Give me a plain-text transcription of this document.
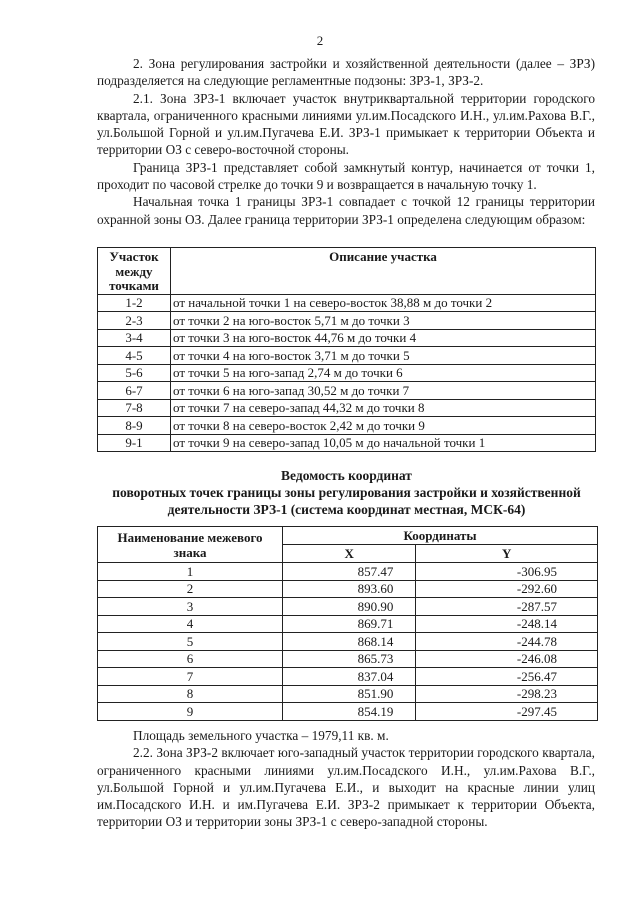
2

2. Зона регулирования застройки и хозяйственной деятельности (далее – ЗРЗ) подразделяется на следующие регламентные подзоны: ЗРЗ-1, ЗРЗ-2.

2.1. Зона ЗРЗ-1 включает участок внутриквартальной территории городского квартала, ограниченного красными линиями ул.им.Посадского И.Н., ул.им.Рахова В.Г., ул.Большой Горной и ул.им.Пугачева Е.И. ЗРЗ-1 примыкает к территории Объекта и территории ОЗ с северо-восточной стороны.

Граница ЗРЗ-1 представляет собой замкнутый контур, начинается от точки 1, проходит по часовой стрелке до точки 9 и возвращается в начальную точку 1.

Начальная точка 1 границы ЗРЗ-1 совпадает с точкой 12 границы территории охранной зоны ОЗ. Далее граница территории ЗРЗ-1 определена следующим образом:

Участок между точками	Описание участка
1-2	от начальной точки 1 на северо-восток 38,88 м до точки 2
2-3	от точки 2 на юго-восток 5,71 м до точки 3
3-4	от точки 3 на юго-восток 44,76 м до точки 4
4-5	от точки 4 на юго-восток 3,71 м до точки 5
5-6	от точки 5 на юго-запад 2,74 м до точки 6
6-7	от точки 6 на юго-запад 30,52 м до точки 7
7-8	от точки 7 на северо-запад 44,32 м до точки 8
8-9	от точки 8 на северо-восток 2,42 м до точки 9
9-1	от точки 9 на северо-запад 10,05 м до начальной точки 1
Ведомость координат
поворотных точек границы зоны регулирования застройки и хозяйственной
деятельности ЗРЗ-1 (система координат местная, МСК-64)
Наименование межевого знака	Координаты	
	X	Y
1	857.47	-306.95
2	893.60	-292.60
3	890.90	-287.57
4	869.71	-248.14
5	868.14	-244.78
6	865.73	-246.08
7	837.04	-256.47
8	851.90	-298.23
9	854.19	-297.45

Площадь земельного участка – 1979,11 кв. м.

2.2. Зона ЗРЗ-2 включает юго-западный участок территории городского квартала, ограниченного красными линиями ул.им.Посадского И.Н., ул.им.Рахова В.Г., ул.Большой Горной и ул.им.Пугачева Е.И., и выходит на красные линии улиц им.Посадского И.Н. и им.Пугачева Е.И. ЗРЗ-2 примыкает к территории Объекта, территории ОЗ и территории зоны ЗРЗ-1 с северо-западной стороны.
